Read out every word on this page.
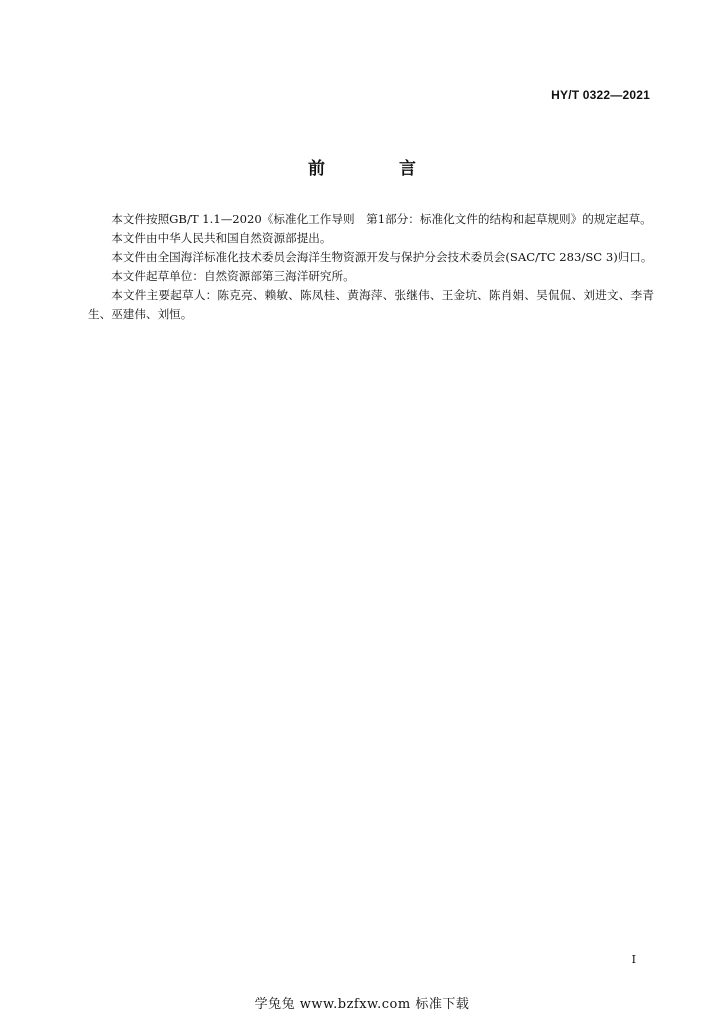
HY/T 0322—2021
前 言

本文件按照GB/T 1.1—2020《标准化工作导则　第1部分：标准化文件的结构和起草规则》的规定起草。

本文件由中华人民共和国自然资源部提出。

本文件由全国海洋标准化技术委员会海洋生物资源开发与保护分会技术委员会(SAC/TC 283/SC 3)归口。

本文件起草单位：自然资源部第三海洋研究所。

本文件主要起草人：陈克亮、赖敏、陈凤桂、黄海萍、张继伟、王金坑、陈肖娟、吴侃侃、刘进文、李青生、巫建伟、刘恒。

I
学兔兔 www.bzfxw.com 标准下载
